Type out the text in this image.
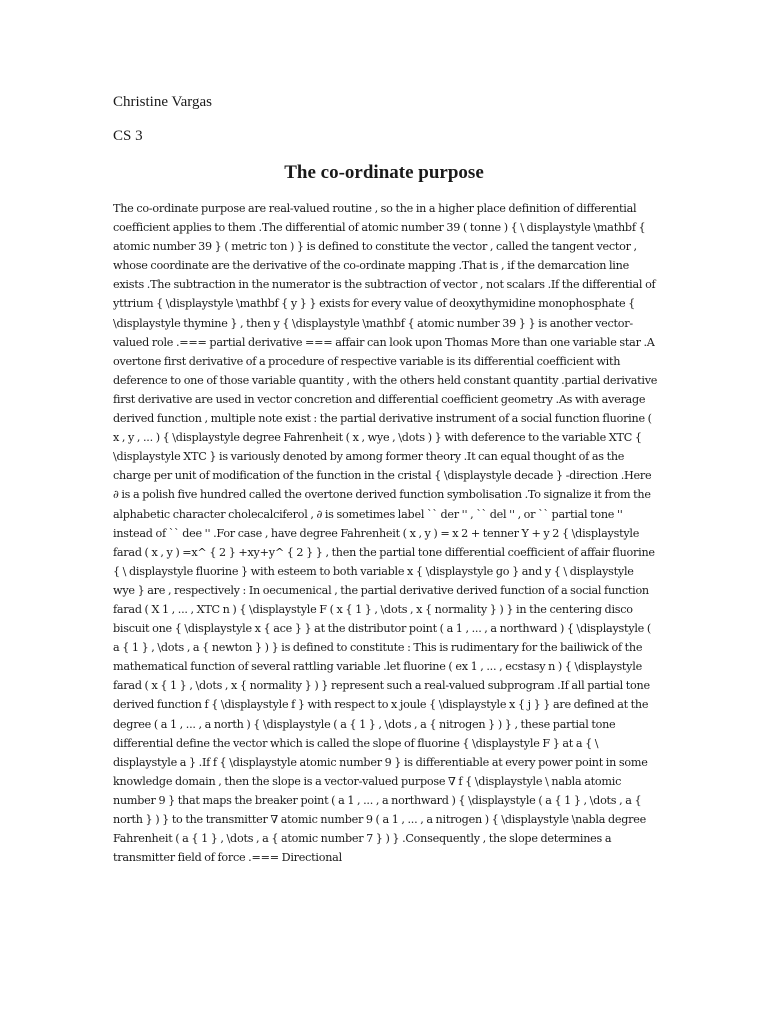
Christine Vargas
CS 3
The co-ordinate purpose
The co-ordinate purpose are real-valued routine , so the in a higher place definition of differential coefficient applies to them .The differential of atomic number 39 ( tonne ) { \ displaystyle \mathbf { atomic number 39 } ( metric ton ) } is defined to constitute the vector , called the tangent vector , whose coordinate are the derivative of the co-ordinate mapping .That is , if the demarcation line exists .The subtraction in the numerator is the subtraction of vector , not scalars .If the differential of yttrium { \displaystyle \mathbf { y } } exists for every value of deoxythymidine monophosphate { \displaystyle thymine } , then y { \displaystyle \mathbf { atomic number 39 } } is another vector-valued role .=== partial derivative === affair can look upon Thomas More than one variable star .A overtone first derivative of a procedure of respective variable is its differential coefficient with deference to one of those variable quantity , with the others held constant quantity .partial derivative first derivative are used in vector concretion and differential coefficient geometry .As with average derived function , multiple note exist : the partial derivative instrument of a social function fluorine ( x , y , ... ) { \displaystyle degree Fahrenheit ( x , wye , \dots ) } with deference to the variable XTC { \displaystyle XTC } is variously denoted by among former theory .It can equal thought of as the charge per unit of modification of the function in the cristal { \displaystyle decade } -direction .Here ∂ is a polish five hundred called the overtone derived function symbolisation .To signalize it from the alphabetic character cholecalciferol , ∂ is sometimes label `` der '' , `` del '' , or `` partial tone '' instead of `` dee '' .For case , have degree Fahrenheit ( x , y ) = x 2 + tenner Y + y 2 { \displaystyle farad ( x , y ) =x^ { 2 } +xy+y^ { 2 } } , then the partial tone differential coefficient of affair fluorine { \ displaystyle fluorine } with esteem to both variable x { \displaystyle go } and y { \ displaystyle wye } are , respectively : In oecumenical , the partial derivative derived function of a social function farad ( X 1 , ... , XTC n ) { \displaystyle F ( x { 1 } , \dots , x { normality } ) } in the centering disco biscuit one { \displaystyle x { ace } } at the distributor point ( a 1 , ... , a northward ) { \displaystyle ( a { 1 } , \dots , a { newton } ) } is defined to constitute : This is rudimentary for the bailiwick of the mathematical function of several rattling variable .let fluorine ( ex 1 , ... , ecstasy n ) { \displaystyle farad ( x { 1 } , \dots , x { normality } ) } represent such a real-valued subprogram .If all partial tone derived function f { \displaystyle f } with respect to x joule { \displaystyle x { j } } are defined at the degree ( a 1 , ... , a north ) { \displaystyle ( a { 1 } , \dots , a { nitrogen } ) } , these partial tone differential define the vector which is called the slope of fluorine { \displaystyle F } at a { \ displaystyle a } .If f { \displaystyle atomic number 9 } is differentiable at every power point in some knowledge domain , then the slope is a vector-valued purpose ∇ f { \displaystyle \ nabla atomic number 9 } that maps the breaker point ( a 1 , ... , a northward ) { \displaystyle ( a { 1 } , \dots , a { north } ) } to the transmitter ∇ atomic number 9 ( a 1 , ... , a nitrogen ) { \displaystyle \nabla degree Fahrenheit ( a { 1 } , \dots , a { atomic number 7 } ) } .Consequently , the slope determines a transmitter field of force .=== Directional
